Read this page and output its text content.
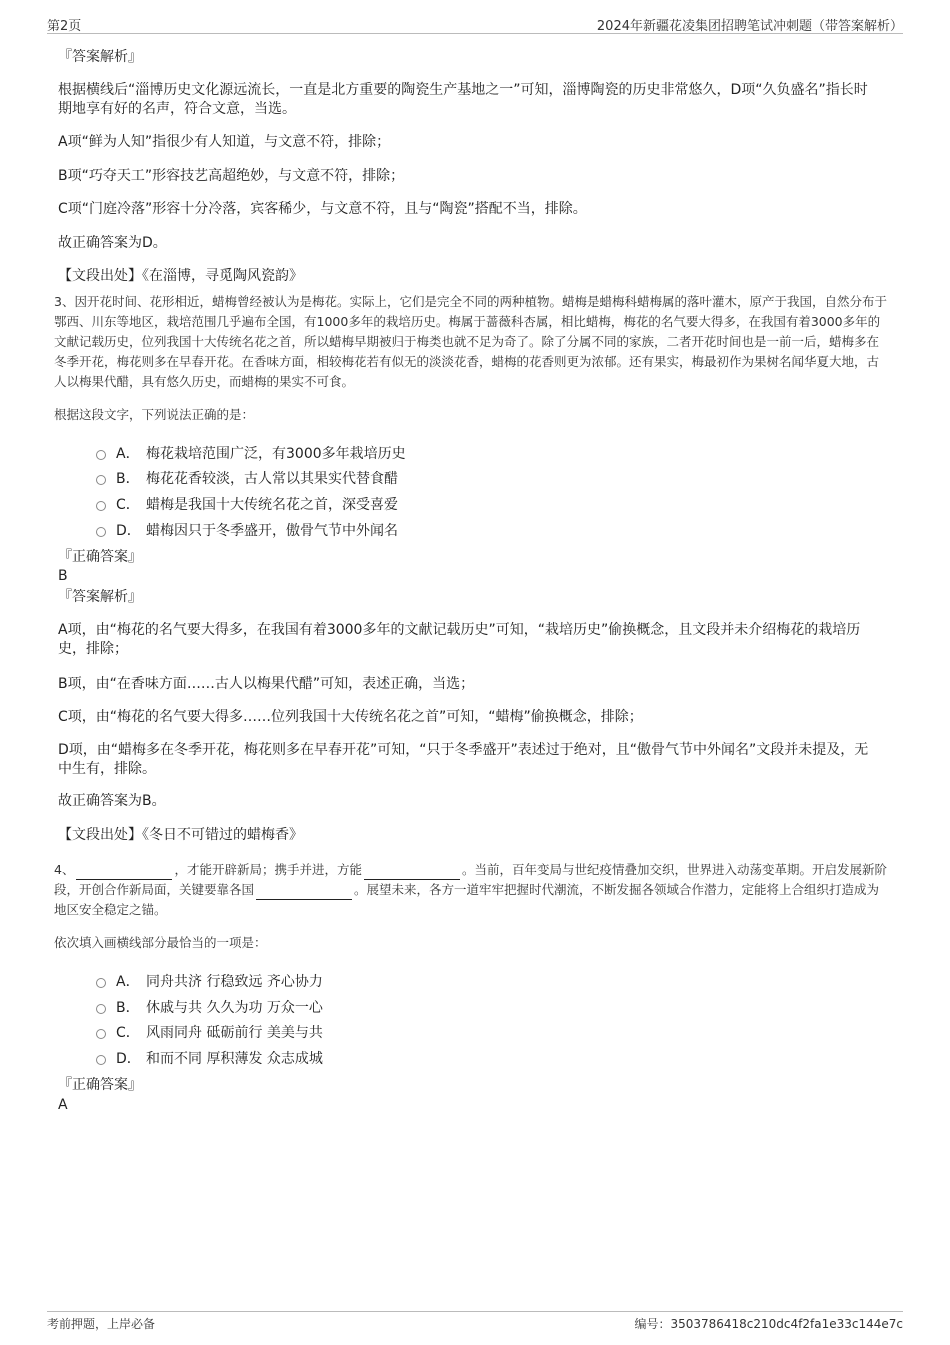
第2页	2024年新疆花凌集团招聘笔试冲刺题（带答案解析）
『答案解析』
根据横线后“淄博历史文化源远流长，一直是北方重要的陶瓷生产基地之一”可知，淄博陶瓷的历史非常悠久，D项“久负盛名”指长时期地享有好的名声，符合文意，当选。
A项“鲜为人知”指很少有人知道，与文意不符，排除；
B项“巧夺天工”形容技艺高超绝妙，与文意不符，排除；
C项“门庭冷落”形容十分冷落，宾客稀少，与文意不符，且与“陶瓷”搭配不当，排除。
故正确答案为D。
【文段出处】《在淄博，寻觅陶风瓷韵》
3、因开花时间、花形相近，蜡梅曾经被认为是梅花。实际上，它们是完全不同的两种植物。蜡梅是蜡梅科蜡梅属的落叶灌木，原产于我国，自然分布于鄂西、川东等地区，栽培范围几乎遍布全国，有1000多年的栽培历史。梅属于蔷薇科杏属，相比蜡梅，梅花的名气要大得多，在我国有着3000多年的文献记载历史，位列我国十大传统名花之首，所以蜡梅早期被归于梅类也就不足为奇了。除了分属不同的家族，二者开花时间也是一前一后，蜡梅多在冬季开花，梅花则多在早春开花。在香味方面，相较梅花若有似无的淡淡花香，蜡梅的花香则更为浓郁。还有果实，梅最初作为果树名闻华夏大地，古人以梅果代醋，具有悠久历史，而蜡梅的果实不可食。
根据这段文字，下列说法正确的是：
A． 梅花栽培范围广泛，有3000多年栽培历史
B． 梅花花香较淡，古人常以其果实代替食醋
C． 蜡梅是我国十大传统名花之首，深受喜爱
D． 蜡梅因只于冬季盛开，傲骨气节中外闻名
『正确答案』
B
『答案解析』
A项，由“梅花的名气要大得多，在我国有着3000多年的文献记载历史”可知，“栽培历史”偷换概念，且文段并未介绍梅花的栽培历史，排除；
B项，由“在香味方面……古人以梅果代醋”可知，表述正确，当选；
C项，由“梅花的名气要大得多……位列我国十大传统名花之首”可知，“蜡梅”偷换概念，排除；
D项，由“蜡梅多在冬季开花，梅花则多在早春开花”可知，“只于冬季盛开”表述过于绝对，且“傲骨气节中外闻名”文段并未提及，无中生有，排除。
故正确答案为B。
【文段出处】《冬日不可错过的蜡梅香》
4、	，才能开辟新局；携手并进，方能	。当前，百年变局与世纪疫情叠加交织，世界进入动荡变革期。开启发展新阶段，开创合作新局面，关键要靠各国	。展望未来，各方一道牢牢把握时代潮流，不断发掘各领域合作潜力，定能将上合组织打造成为地区安全稳定之锚。
依次填入画横线部分最恰当的一项是：
A． 同舟共济 行稳致远 齐心协力
B． 休戚与共 久久为功 万众一心
C． 风雨同舟 砥砺前行 美美与共
D． 和而不同 厚积薄发 众志成城
『正确答案』
A
考前押题，上岸必备	编号：3503786418c210dc4f2fa1e33c144e7c
